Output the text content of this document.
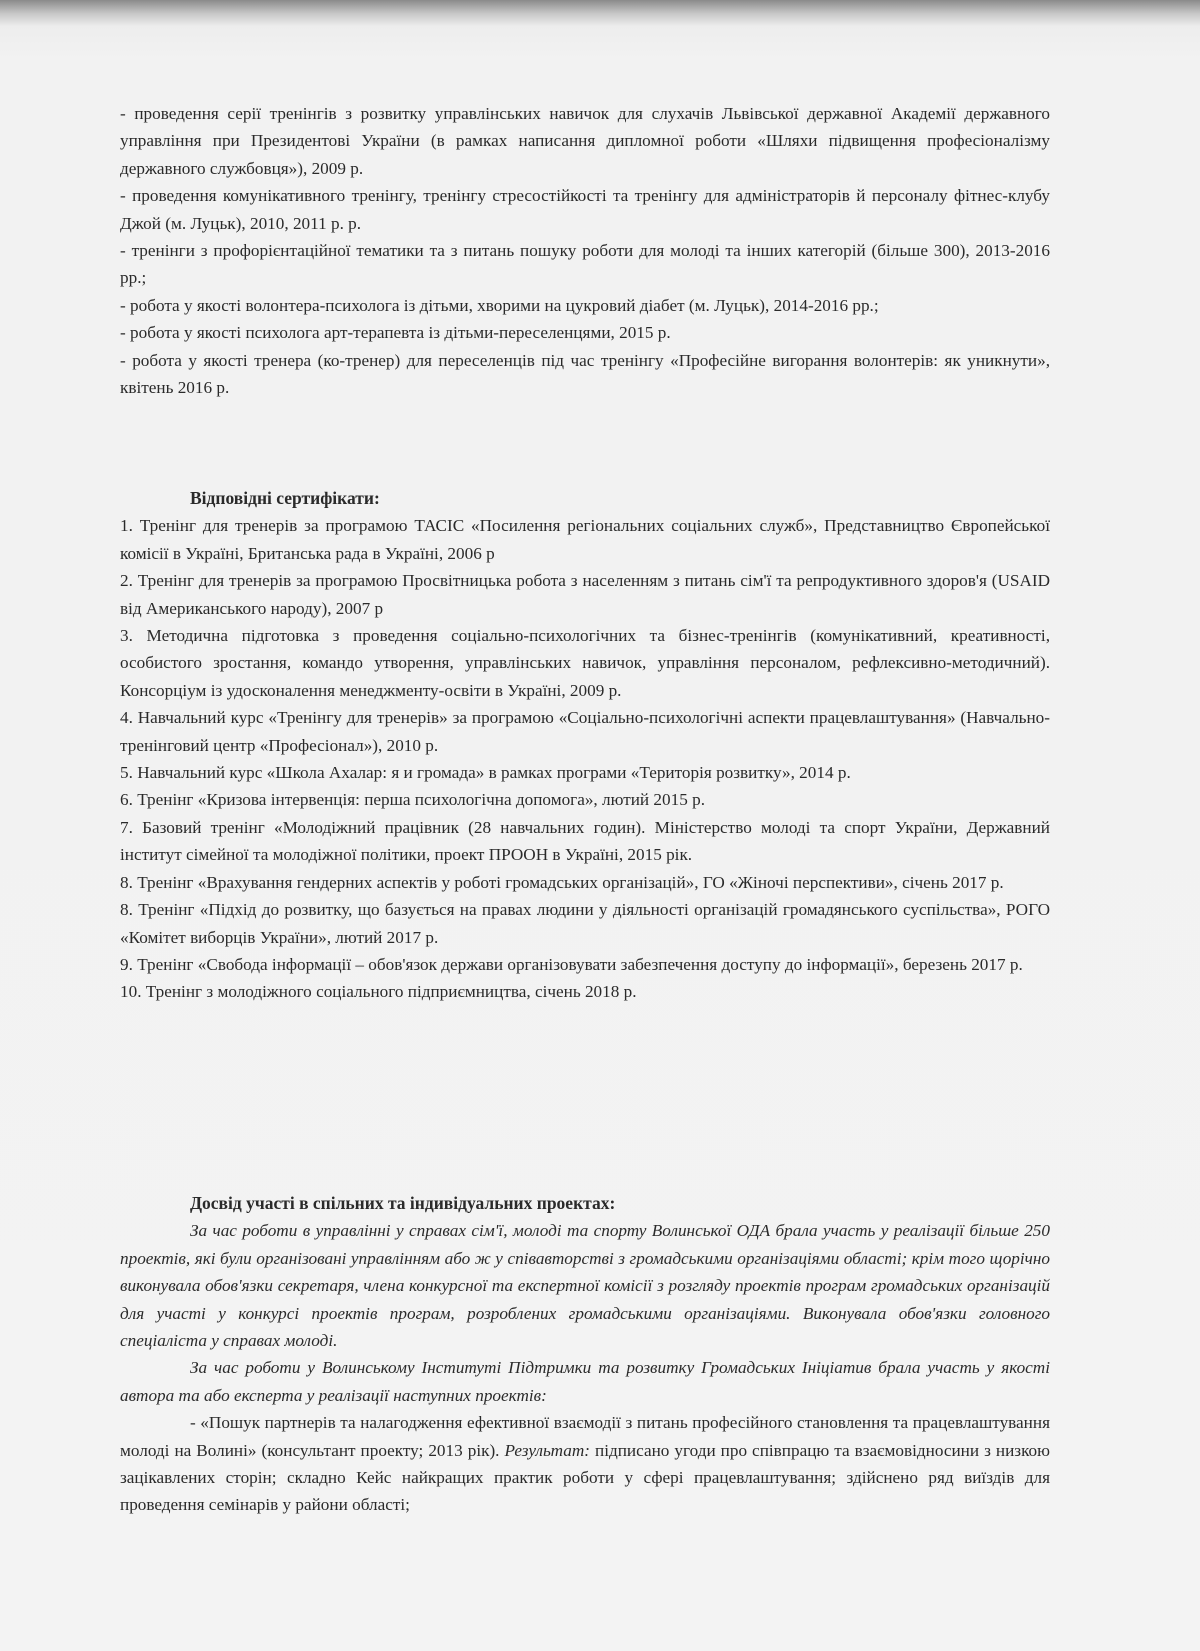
- проведення серії тренінгів з розвитку управлінських навичок для слухачів Львівської державної Академії державного управління при Президентові України (в рамках написання дипломної роботи «Шляхи підвищення професіоналізму державного службовця»), 2009 р.

- проведення комунікативного тренінгу, тренінгу стресостійкості та тренінгу для адміністраторів й персоналу фітнес-клубу Джой (м. Луцьк), 2010, 2011 р. р.

- тренінги з профорієнтаційної тематики та з питань пошуку роботи для молоді та інших категорій (більше 300), 2013-2016 рр.;

- робота у якості волонтера-психолога із дітьми, хворими на цукровий діабет (м. Луцьк), 2014-2016 рр.;

- робота у якості психолога арт-терапевта із дітьми-переселенцями, 2015 р.

- робота у якості тренера (ко-тренер) для переселенців під час тренінгу «Професійне вигорання волонтерів: як уникнути», квітень 2016 р.

Відповідні сертифікати:

1. Тренінг для тренерів за програмою ТАСІС «Посилення регіональних соціальних служб», Представництво Європейської комісії в Україні, Британська рада в Україні, 2006 р

2. Тренінг для тренерів за програмою Просвітницька робота з населенням з питань сім'ї та репродуктивного здоров'я (USAID від Американського народу), 2007 р

3. Методична підготовка з проведення соціально-психологічних та бізнес-тренінгів (комунікативний, креативності, особистого зростання, командо утворення, управлінських навичок, управління персоналом, рефлексивно-методичний). Консорціум із удосконалення менеджменту-освіти в Україні, 2009 р.

4. Навчальний курс «Тренінгу для тренерів» за програмою «Соціально-психологічні аспекти працевлаштування» (Навчально-тренінговий центр «Професіонал»), 2010 р.

5. Навчальний курс «Школа Ахалар: я и громада» в рамках програми «Територія розвитку», 2014 р.

6. Тренінг «Кризова інтервенція: перша психологічна допомога», лютий 2015 р.

7. Базовий тренінг «Молодіжний працівник (28 навчальних годин). Міністерство молоді та спорт України, Державний інститут сімейної та молодіжної політики, проект ПРООН в Україні, 2015 рік.

8. Тренінг «Врахування гендерних аспектів у роботі громадських організацій», ГО «Жіночі перспективи», січень 2017 р.

8. Тренінг «Підхід до розвитку, що базується на правах людини у діяльності організацій громадянського суспільства», РОГО «Комітет виборців України», лютий 2017 р.

9. Тренінг «Свобода інформації – обов'язок держави організовувати забезпечення доступу до інформації», березень 2017 р.

10. Тренінг з молодіжного соціального підприємництва, січень 2018 р.

Досвід участі в спільних та індивідуальних проектах:

За час роботи в управлінні у справах сім'ї, молоді та спорту Волинської ОДА брала участь у реалізації більше 250 проектів, які були організовані управлінням або ж у співавторстві з громадськими організаціями області; крім того щорічно виконувала обов'язки секретаря, члена конкурсної та експертної комісії з розгляду проектів програм громадських організацій для участі у конкурсі проектів програм, розроблених громадськими організаціями. Виконувала обов'язки головного спеціаліста у справах молоді.

За час роботи у Волинському Інституті Підтримки та розвитку Громадських Ініціатив брала участь у якості автора та або експерта у реалізації наступних проектів:

- «Пошук партнерів та налагодження ефективної взаємодії з питань професійного становлення та працевлаштування молоді на Волині» (консультант проекту; 2013 рік). Результат: підписано угоди про співпрацю та взаємовідносини з низкою зацікавлених сторін; складно Кейс найкращих практик роботи у сфері працевлаштування; здійснено ряд виїздів для проведення семінарів у райони області;
